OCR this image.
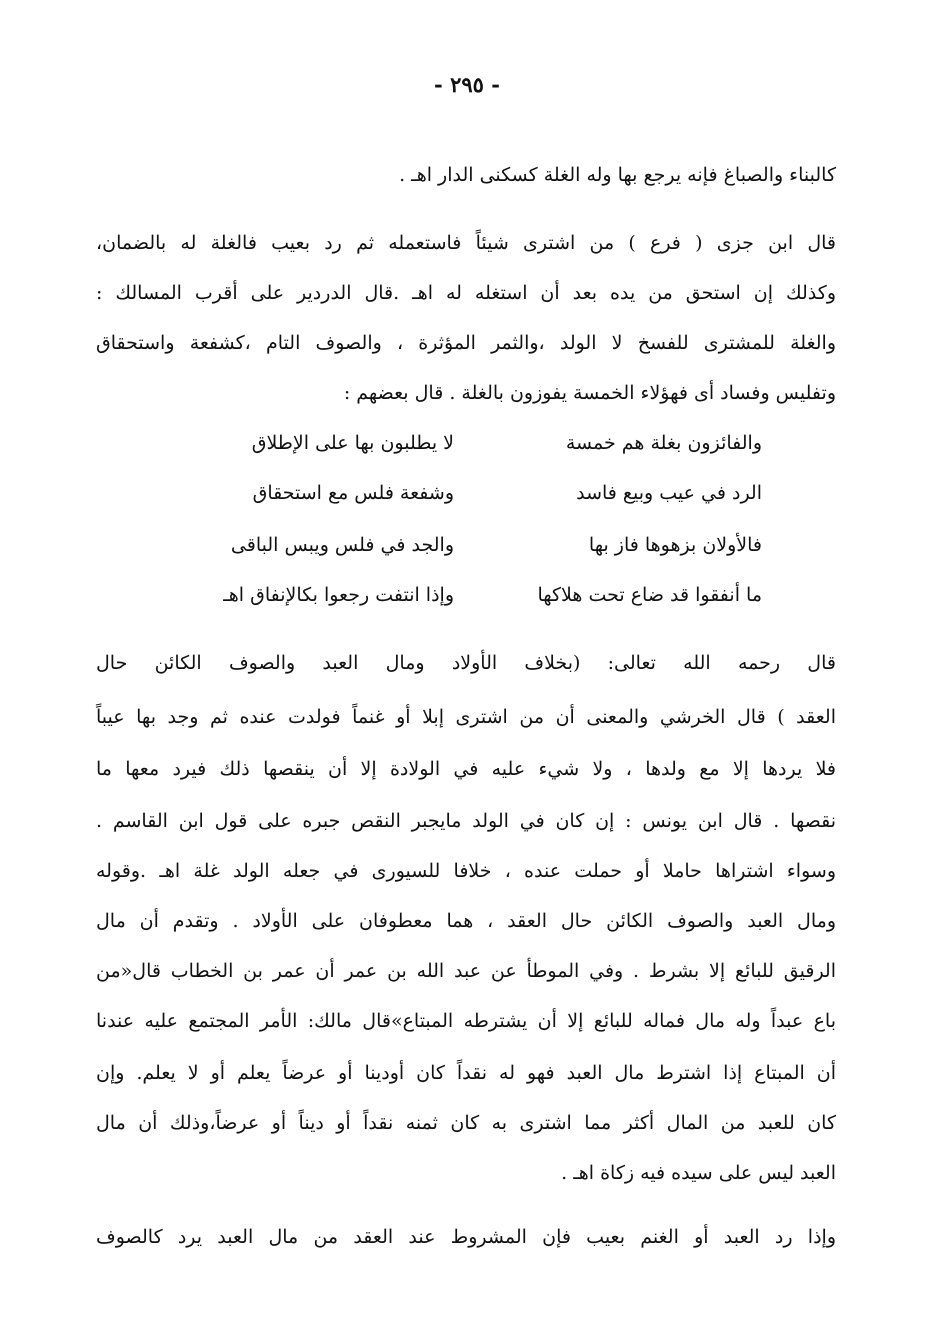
- ٢٩٥ -
كالبناء والصباغ فإنه يرجع بها وله الغلة كسكنى الدار اهـ .
قال ابن جزى ( فرع ) من اشترى شيئاً فاستعمله ثم رد بعيب فالغلة له بالضمان،
وكذلك إن استحق من يده بعد أن استغله له اهـ .قال الدردير على أقرب المسالك :
والغلة للمشترى للفسخ لا الولد ،والثمر المؤثرة ، والصوف التام ،كشفعة واستحقاق
وتفليس وفساد أى فهؤلاء الخمسة يفوزون بالغلة . قال بعضهم :
والفائزون بغلة هم خمسة
لا يطلبون بها على الإطلاق
الرد في عيب وبيع فاسد
وشفعة فلس مع استحقاق
فالأولان بزهوها فاز بها
والجد في فلس ويبس الباقى
ما أنفقوا قد ضاع تحت هلاكها
وإذا انتفت رجعوا بكالإنفاق اهـ
قال رحمه الله تعالى: (بخلاف الأولاد ومال العبد والصوف الكائن حال
العقد ) قال الخرشي والمعنى أن من اشترى إبلا أو غنماً فولدت عنده ثم وجد بها عيباً
فلا يردها إلا مع ولدها ، ولا شيء عليه في الولادة إلا أن ينقصها ذلك فيرد معها ما
نقصها . قال ابن يونس : إن كان في الولد مايجبر النقص جبره على قول ابن القاسم .
وسواء اشتراها حاملا أو حملت عنده ، خلافا للسيورى في جعله الولد غلة اهـ .وقوله
ومال العبد والصوف الكائن حال العقد ، هما معطوفان على الأولاد . وتقدم أن مال
الرقيق للبائع إلا بشرط . وفي الموطأ عن عبد الله بن عمر أن عمر بن الخطاب قال«من
باع عبداً وله مال فماله للبائع إلا أن يشترطه المبتاع»قال مالك: الأمر المجتمع عليه عندنا
أن المبتاع إذا اشترط مال العبد فهو له نقداً كان أودينا أو عرضاً يعلم أو لا يعلم. وإن
كان للعبد من المال أكثر مما اشترى به كان ثمنه نقداً أو ديناً أو عرضاً،وذلك أن مال
العبد ليس على سيده فيه زكاة اهـ .
وإذا رد العبد أو الغنم بعيب فإن المشروط عند العقد من مال العبد يرد كالصوف
